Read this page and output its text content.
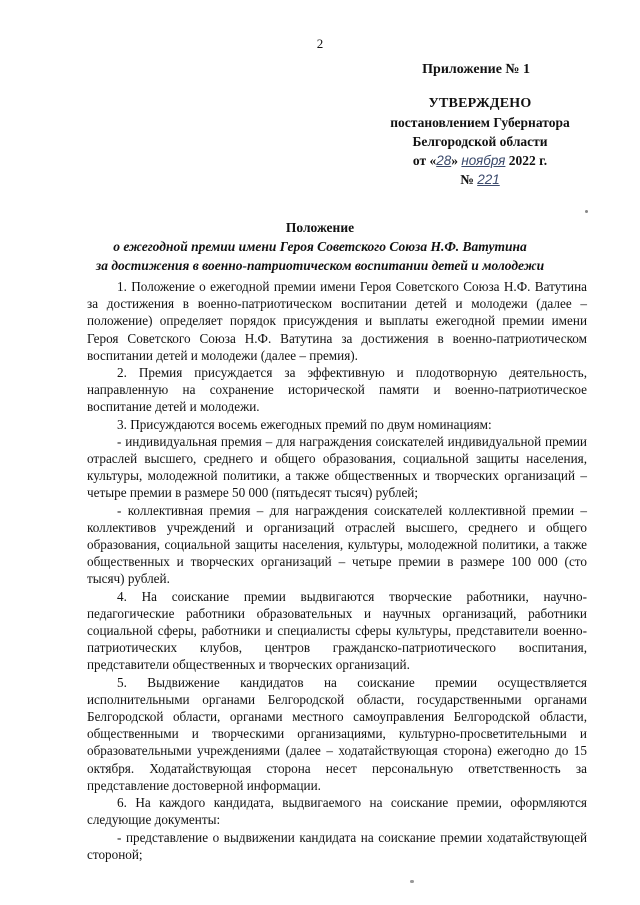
2
Приложение № 1
УТВЕРЖДЕНО
постановлением Губернатора
Белгородской области
от «28» ноября 2022 г.
№ 221
Положение
о ежегодной премии имени Героя Советского Союза Н.Ф. Ватутина
за достижения в военно-патриотическом воспитании детей и молодежи

1. Положение о ежегодной премии имени Героя Советского Союза Н.Ф. Ватутина за достижения в военно-патриотическом воспитании детей и молодежи (далее – положение) определяет порядок присуждения и выплаты ежегодной премии имени Героя Советского Союза Н.Ф. Ватутина за достижения в военно-патриотическом воспитании детей и молодежи (далее – премия).

2. Премия присуждается за эффективную и плодотворную деятельность, направленную на сохранение исторической памяти и военно-патриотическое воспитание детей и молодежи.

3. Присуждаются восемь ежегодных премий по двум номинациям:

- индивидуальная премия – для награждения соискателей индивидуальной премии отраслей высшего, среднего и общего образования, социальной защиты населения, культуры, молодежной политики, а также общественных и творческих организаций – четыре премии в размере 50 000 (пятьдесят тысяч) рублей;

- коллективная премия – для награждения соискателей коллективной премии – коллективов учреждений и организаций отраслей высшего, среднего и общего образования, социальной защиты населения, культуры, молодежной политики, а также общественных и творческих организаций – четыре премии в размере 100 000 (сто тысяч) рублей.

4. На соискание премии выдвигаются творческие работники, научно-педагогические работники образовательных и научных организаций, работники социальной сферы, работники и специалисты сферы культуры, представители военно-патриотических клубов, центров гражданско-патриотического воспитания, представители общественных и творческих организаций.

5. Выдвижение кандидатов на соискание премии осуществляется исполнительными органами Белгородской области, государственными органами Белгородской области, органами местного самоуправления Белгородской области, общественными и творческими организациями, культурно-просветительными и образовательными учреждениями (далее – ходатайствующая сторона) ежегодно до 15 октября. Ходатайствующая сторона несет персональную ответственность за представление достоверной информации.

6. На каждого кандидата, выдвигаемого на соискание премии, оформляются следующие документы:

- представление о выдвижении кандидата на соискание премии ходатайствующей стороной;
